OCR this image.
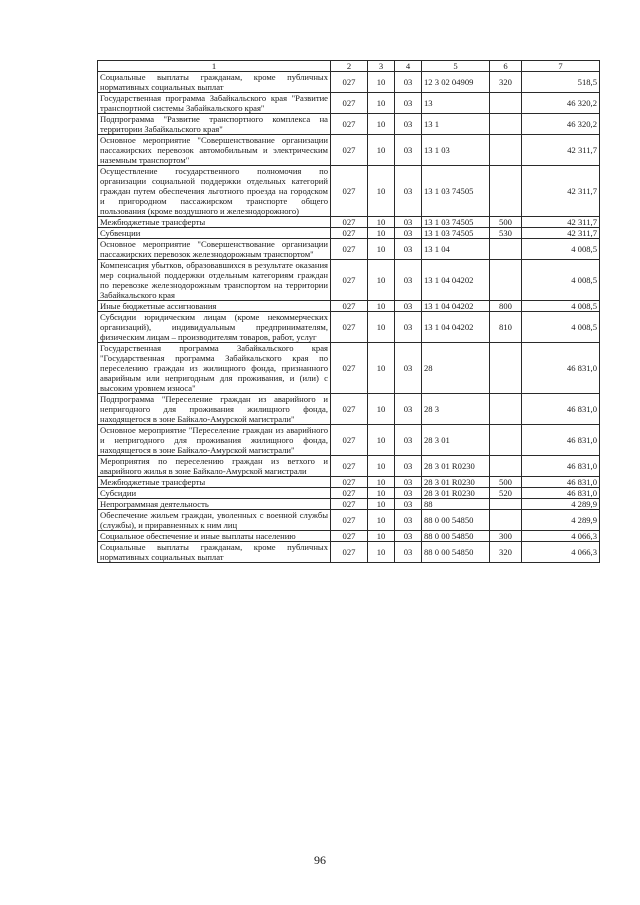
1	2	3	4	5	6	7
Социальные выплаты гражданам, кроме публичных нормативных социальных выплат	027	10	03	12 3 02 04909	320	518,5
Государственная программа Забайкальского края "Развитие транспортной системы Забайкальского края"	027	10	03	13		46 320,2
Подпрограмма "Развитие транспортного комплекса на территории Забайкальского края"	027	10	03	13 1		46 320,2
Основное мероприятие "Совершенствование организации пассажирских перевозок автомобильным и электрическим наземным транспортом"	027	10	03	13 1 03		42 311,7
Осуществление государственного полномочия по организации социальной поддержки отдельных категорий граждан путем обеспечения льготного проезда на городском и пригородном пассажирском транспорте общего пользования (кроме воздушного и железнодорожного)	027	10	03	13 1 03 74505		42 311,7
Межбюджетные трансферты	027	10	03	13 1 03 74505	500	42 311,7
Субвенции	027	10	03	13 1 03 74505	530	42 311,7
Основное мероприятие "Совершенствование организации пассажирских перевозок железнодорожным транспортом"	027	10	03	13 1 04		4 008,5
Компенсация убытков, образовавшихся в результате оказания мер социальной поддержки отдельным категориям граждан по перевозке железнодорожным транспортом на территории Забайкальского края	027	10	03	13 1 04 04202		4 008,5
Иные бюджетные ассигнования	027	10	03	13 1 04 04202	800	4 008,5
Субсидии юридическим лицам (кроме некоммерческих организаций), индивидуальным предпринимателям, физическим лицам – производителям товаров, работ, услуг	027	10	03	13 1 04 04202	810	4 008,5
Государственная программа Забайкальского края "Государственная программа Забайкальского края по переселению граждан из жилищного фонда, признанного аварийным или непригодным для проживания, и (или) с высоким уровнем износа"	027	10	03	28		46 831,0
Подпрограмма "Переселение граждан из аварийного и непригодного для проживания жилищного фонда, находящегося в зоне Байкало-Амурской магистрали"	027	10	03	28 3		46 831,0
Основное мероприятие "Переселение граждан из аварийного и непригодного для проживания жилищного фонда, находящегося в зоне Байкало-Амурской магистрали"	027	10	03	28 3 01		46 831,0
Мероприятия по переселению граждан из ветхого и аварийного жилья в зоне Байкало-Амурской магистрали	027	10	03	28 3 01 R0230		46 831,0
Межбюджетные трансферты	027	10	03	28 3 01 R0230	500	46 831,0
Субсидии	027	10	03	28 3 01 R0230	520	46 831,0
Непрограммная деятельность	027	10	03	88		4 289,9
Обеспечение жильем граждан, уволенных с военной службы (службы), и приравненных к ним лиц	027	10	03	88 0 00 54850		4 289,9
Социальное обеспечение и иные выплаты населению	027	10	03	88 0 00 54850	300	4 066,3
Социальные выплаты гражданам, кроме публичных нормативных социальных выплат	027	10	03	88 0 00 54850	320	4 066,3
96
